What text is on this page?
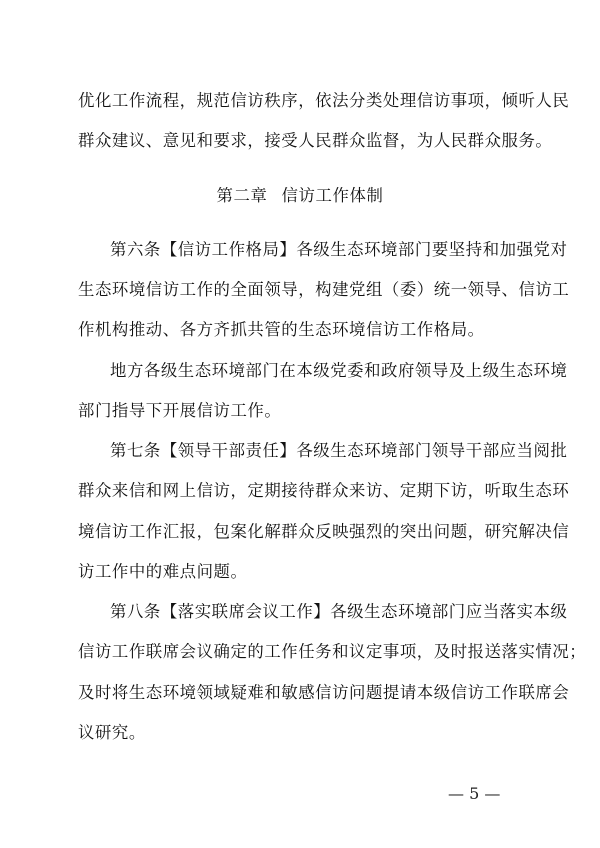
优化工作流程，规范信访秩序，依法分类处理信访事项，倾听人民
群众建议、意见和要求，接受人民群众监督，为人民群众服务。
第二章 信访工作体制
第六条【信访工作格局】各级生态环境部门要坚持和加强党对
生态环境信访工作的全面领导，构建党组（委）统一领导、信访工
作机构推动、各方齐抓共管的生态环境信访工作格局。
地方各级生态环境部门在本级党委和政府领导及上级生态环境
部门指导下开展信访工作。
第七条【领导干部责任】各级生态环境部门领导干部应当阅批
群众来信和网上信访，定期接待群众来访、定期下访，听取生态环
境信访工作汇报，包案化解群众反映强烈的突出问题，研究解决信
访工作中的难点问题。
第八条【落实联席会议工作】各级生态环境部门应当落实本级
信访工作联席会议确定的工作任务和议定事项，及时报送落实情况；
及时将生态环境领域疑难和敏感信访问题提请本级信访工作联席会
议研究。
— 5 —
